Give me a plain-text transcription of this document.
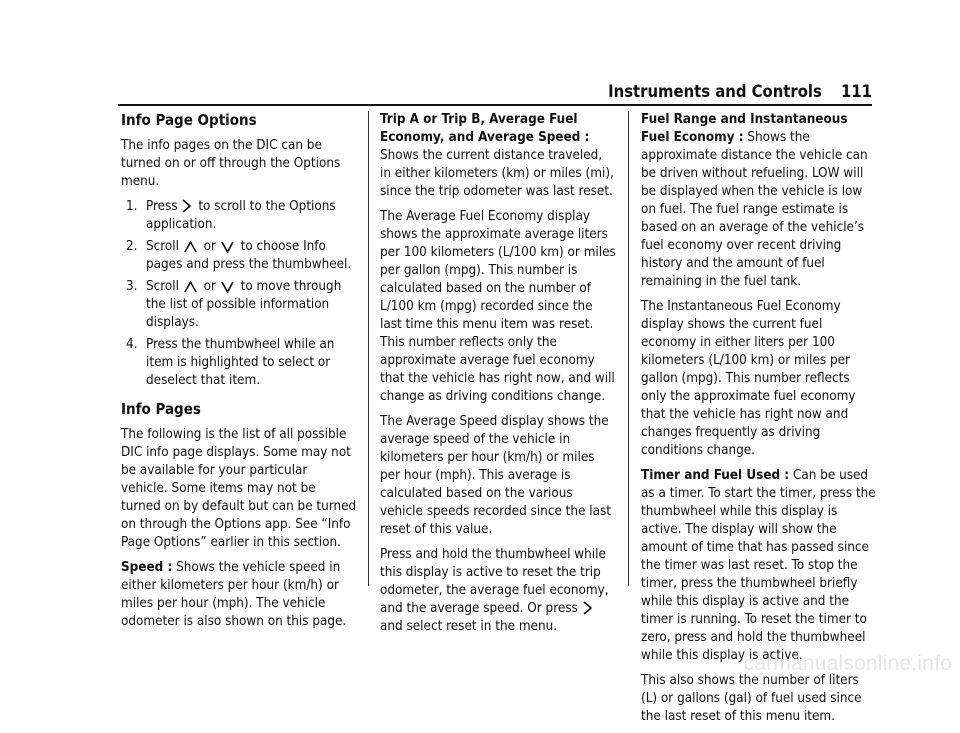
Instruments and Controls 111
Info Page Options

The info pages on the DIC can be turned on or off through the Options menu.

1. Press to scroll to the Options application.
2. Scroll or to choose Info pages and press the thumbwheel.
3. Scroll or to move through the list of possible information displays.
4. Press the thumbwheel while an item is highlighted to select or deselect that item.
Info Pages

The following is the list of all possible DIC info page displays. Some may not be available for your particular vehicle. Some items may not be turned on by default but can be turned on through the Options app. See “Info Page Options” earlier in this section.

Speed : Shows the vehicle speed in either kilometers per hour (km/h) or miles per hour (mph). The vehicle odometer is also shown on this page.

Trip A or Trip B, Average Fuel Economy, and Average Speed : Shows the current distance traveled, in either kilometers (km) or miles (mi), since the trip odometer was last reset.

The Average Fuel Economy display shows the approximate average liters per 100 kilometers (L/100 km) or miles per gallon (mpg). This number is calculated based on the number of L/100 km (mpg) recorded since the last time this menu item was reset. This number reflects only the approximate average fuel economy that the vehicle has right now, and will change as driving conditions change.

The Average Speed display shows the average speed of the vehicle in kilometers per hour (km/h) or miles per hour (mph). This average is calculated based on the various vehicle speeds recorded since the last reset of this value.

Press and hold the thumbwheel while this display is active to reset the trip odometer, the average fuel economy, and the average speed. Or press  and select reset in the menu.

Fuel Range and Instantaneous Fuel Economy : Shows the approximate distance the vehicle can be driven without refueling. LOW will be displayed when the vehicle is low on fuel. The fuel range estimate is based on an average of the vehicle’s fuel economy over recent driving history and the amount of fuel remaining in the fuel tank.

The Instantaneous Fuel Economy display shows the current fuel economy in either liters per 100 kilometers (L/100 km) or miles per gallon (mpg). This number reflects only the approximate fuel economy that the vehicle has right now and changes frequently as driving conditions change.

Timer and Fuel Used : Can be used as a timer. To start the timer, press the thumbwheel while this display is active. The display will show the amount of time that has passed since the timer was last reset. To stop the timer, press the thumbwheel briefly while this display is active and the timer is running. To reset the timer to zero, press and hold the thumbwheel while this display is active.

This also shows the number of liters (L) or gallons (gal) of fuel used since the last reset of this menu item.

carmanualsonline.info
